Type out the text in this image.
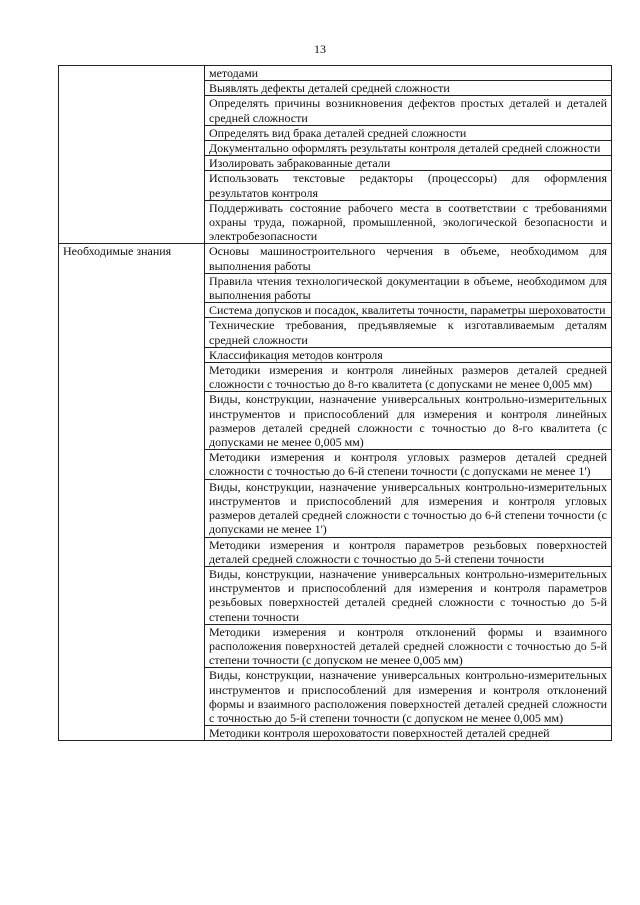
13
	методами
	Выявлять дефекты деталей средней сложности
	Определять причины возникновения дефектов простых деталей и деталей средней сложности
	Определять вид брака деталей средней сложности
	Документально оформлять результаты контроля деталей средней сложности
	Изолировать забракованные детали
	Использовать текстовые редакторы (процессоры) для оформления результатов контроля
	Поддерживать состояние рабочего места в соответствии с требованиями охраны труда, пожарной, промышленной, экологической безопасности и электробезопасности
Необходимые знания	Основы машиностроительного черчения в объеме, необходимом для выполнения работы
	Правила чтения технологической документации в объеме, необходимом для выполнения работы
	Система допусков и посадок, квалитеты точности, параметры шероховатости
	Технические требования, предъявляемые к изготавливаемым деталям средней сложности
	Классификация методов контроля
	Методики измерения и контроля линейных размеров деталей средней сложности с точностью до 8-го квалитета (с допусками не менее 0,005 мм)
	Виды, конструкции, назначение универсальных контрольно-измерительных инструментов и приспособлений для измерения и контроля линейных размеров деталей средней сложности с точностью до 8-го квалитета (с допусками не менее 0,005 мм)
	Методики измерения и контроля угловых размеров деталей средней сложности с точностью до 6-й степени точности (с допусками не менее 1')
	Виды, конструкции, назначение универсальных контрольно-измерительных инструментов и приспособлений для измерения и контроля угловых размеров деталей средней сложности с точностью до 6-й степени точности (с допусками не менее 1')
	Методики измерения и контроля параметров резьбовых поверхностей деталей средней сложности с точностью до 5-й степени точности
	Виды, конструкции, назначение универсальных контрольно-измерительных инструментов и приспособлений для измерения и контроля параметров резьбовых поверхностей деталей средней сложности с точностью до 5-й степени точности
	Методики измерения и контроля отклонений формы и взаимного расположения поверхностей деталей средней сложности с точностью до 5-й степени точности (с допуском не менее 0,005 мм)
	Виды, конструкции, назначение универсальных контрольно-измерительных инструментов и приспособлений для измерения и контроля отклонений формы и взаимного расположения поверхностей деталей средней сложности с точностью до 5-й степени точности (с допуском не менее 0,005 мм)
	Методики контроля шероховатости поверхностей деталей средней
